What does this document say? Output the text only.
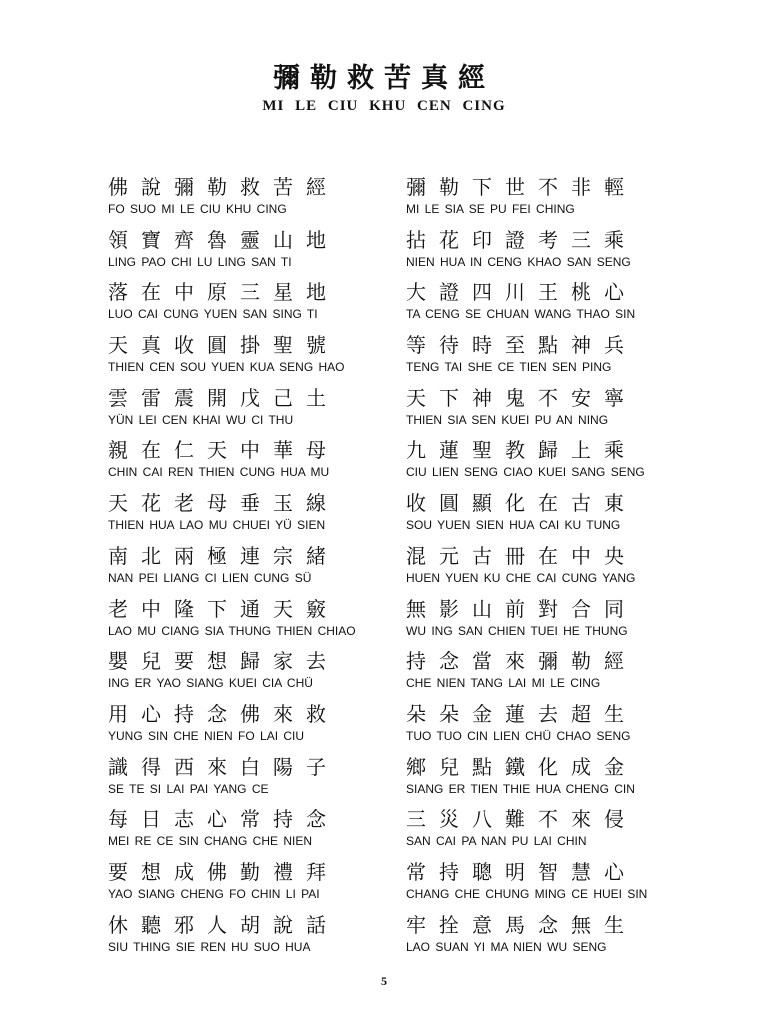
彌勒救苦真經
MI LE CIU KHU CEN CING
佛說彌勒救苦經
FO SUO MI LE CIU KHU CING
領寶齊魯靈山地
LING PAO CHI LU LING SAN TI
落在中原三星地
LUO CAI CUNG YUEN SAN SING TI
天真收圓掛聖號
THIEN CEN SOU YUEN KUA SENG HAO
雲雷震開戊己土
YÜN LEI CEN KHAI WU CI THU
親在仁天中華母
CHIN CAI REN THIEN CUNG HUA MU
天花老母垂玉線
THIEN HUA LAO MU CHUEI YÜ SIEN
南北兩極連宗緒
NAN PEI LIANG CI LIEN CUNG SÜ
老中隆下通天竅
LAO MU CIANG SIA THUNG THIEN CHIAO
嬰兒要想歸家去
ING ER YAO SIANG KUEI CIA CHÜ
用心持念佛來救
YUNG SIN CHE NIEN FO LAI CIU
識得西來白陽子
SE TE SI LAI PAI YANG CE
每日志心常持念
MEI RE CE SIN CHANG CHE NIEN
要想成佛勤禮拜
YAO SIANG CHENG FO CHIN LI PAI
休聽邪人胡說話
SIU THING SIE REN HU SUO HUA
彌勒下世不非輕
MI LE SIA SE PU FEI CHING
拈花印證考三乘
NIEN HUA IN CENG KHAO SAN SENG
大證四川王桃心
TA CENG SE CHUAN WANG THAO SIN
等待時至點神兵
TENG TAI SHE CE TIEN SEN PING
天下神鬼不安寧
THIEN SIA SEN KUEI PU AN NING
九蓮聖教歸上乘
CIU LIEN SENG CIAO KUEI SANG SENG
收圓顯化在古東
SOU YUEN SIEN HUA CAI KU TUNG
混元古冊在中央
HUEN YUEN KU CHE CAI CUNG YANG
無影山前對合同
WU ING SAN CHIEN TUEI HE THUNG
持念當來彌勒經
CHE NIEN TANG LAI MI LE CING
朵朵金蓮去超生
TUO TUO CIN LIEN CHÜ CHAO SENG
鄉兒點鐵化成金
SIANG ER TIEN THIE HUA CHENG CIN
三災八難不來侵
SAN CAI PA NAN PU LAI CHIN
常持聰明智慧心
CHANG CHE CHUNG MING CE HUEI SIN
牢拴意馬念無生
LAO SUAN YI MA NIEN WU SENG
5
